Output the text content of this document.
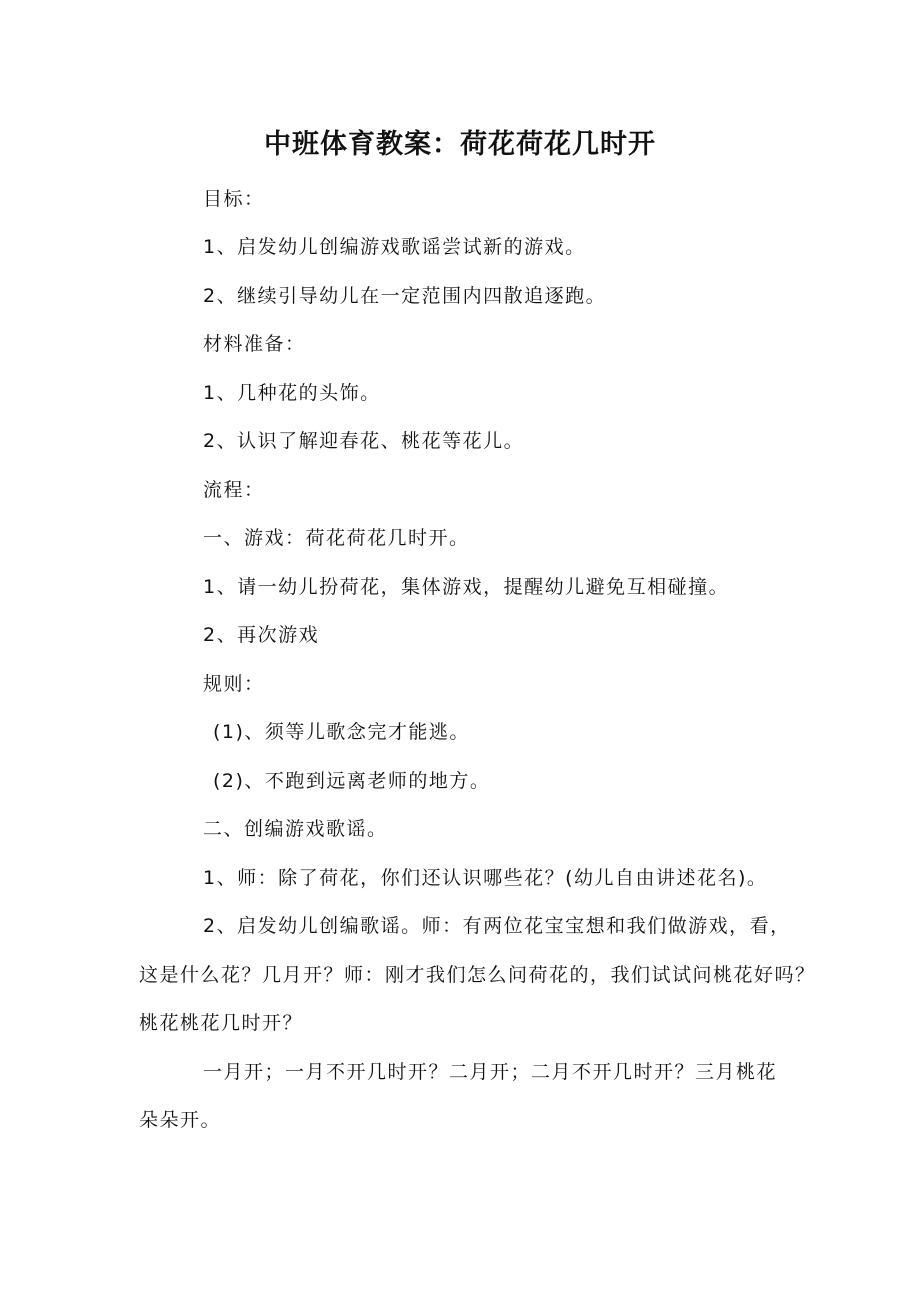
中班体育教案：荷花荷花几时开
目标：
1、启发幼儿创编游戏歌谣尝试新的游戏。
2、继续引导幼儿在一定范围内四散追逐跑。
材料准备：
1、几种花的头饰。
2、认识了解迎春花、桃花等花儿。
流程：
一、游戏：荷花荷花几时开。
1、请一幼儿扮荷花，集体游戏，提醒幼儿避免互相碰撞。
2、再次游戏
规则：
(1)、须等儿歌念完才能逃。
(2)、不跑到远离老师的地方。
二、创编游戏歌谣。
1、师：除了荷花，你们还认识哪些花？(幼儿自由讲述花名)。
2、启发幼儿创编歌谣。师：有两位花宝宝想和我们做游戏，看，
这是什么花？几月开？师：刚才我们怎么问荷花的，我们试试问桃花好吗？
桃花桃花几时开？
一月开；一月不开几时开？二月开；二月不开几时开？三月桃花
朵朵开。
